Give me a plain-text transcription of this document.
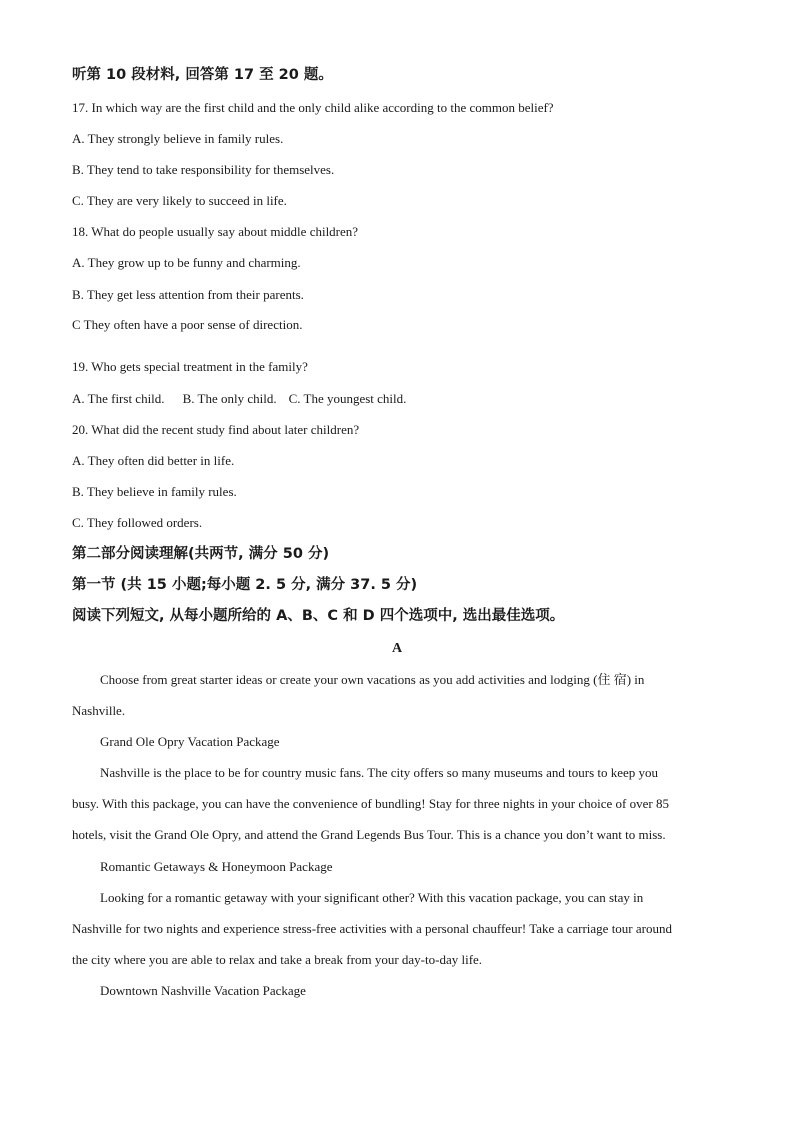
听第 10 段材料, 回答第 17 至 20 题。
17. In which way are the first child and the only child alike according to the common belief?
A. They strongly believe in family rules.
B. They tend to take responsibility for themselves.
C. They are very likely to succeed in life.
18. What do people usually say about middle children?
A. They grow up to be funny and charming.
B. They get less attention from their parents.
C They often have a poor sense of direction.
19. Who gets special treatment in the family?
A. The first child. B. The only child. C. The youngest child.
20. What did the recent study find about later children?
A. They often did better in life.
B. They believe in family rules.
C. They followed orders.
第二部分阅读理解(共两节, 满分 50 分)
第一节 (共 15 小题;每小题 2. 5 分, 满分 37. 5 分)
阅读下列短文, 从每小题所给的 A、B、C 和 D 四个选项中, 选出最佳选项。
A
Choose from great starter ideas or create your own vacations as you add activities and lodging (住 宿) in
Nashville.
Grand Ole Opry Vacation Package
Nashville is the place to be for country music fans. The city offers so many museums and tours to keep you
busy. With this package, you can have the convenience of bundling! Stay for three nights in your choice of over 85
hotels, visit the Grand Ole Opry, and attend the Grand Legends Bus Tour. This is a chance you don’t want to miss.
Romantic Getaways & Honeymoon Package
Looking for a romantic getaway with your significant other? With this vacation package, you can stay in
Nashville for two nights and experience stress-free activities with a personal chauffeur! Take a carriage tour around
the city where you are able to relax and take a break from your day-to-day life.
Downtown Nashville Vacation Package
